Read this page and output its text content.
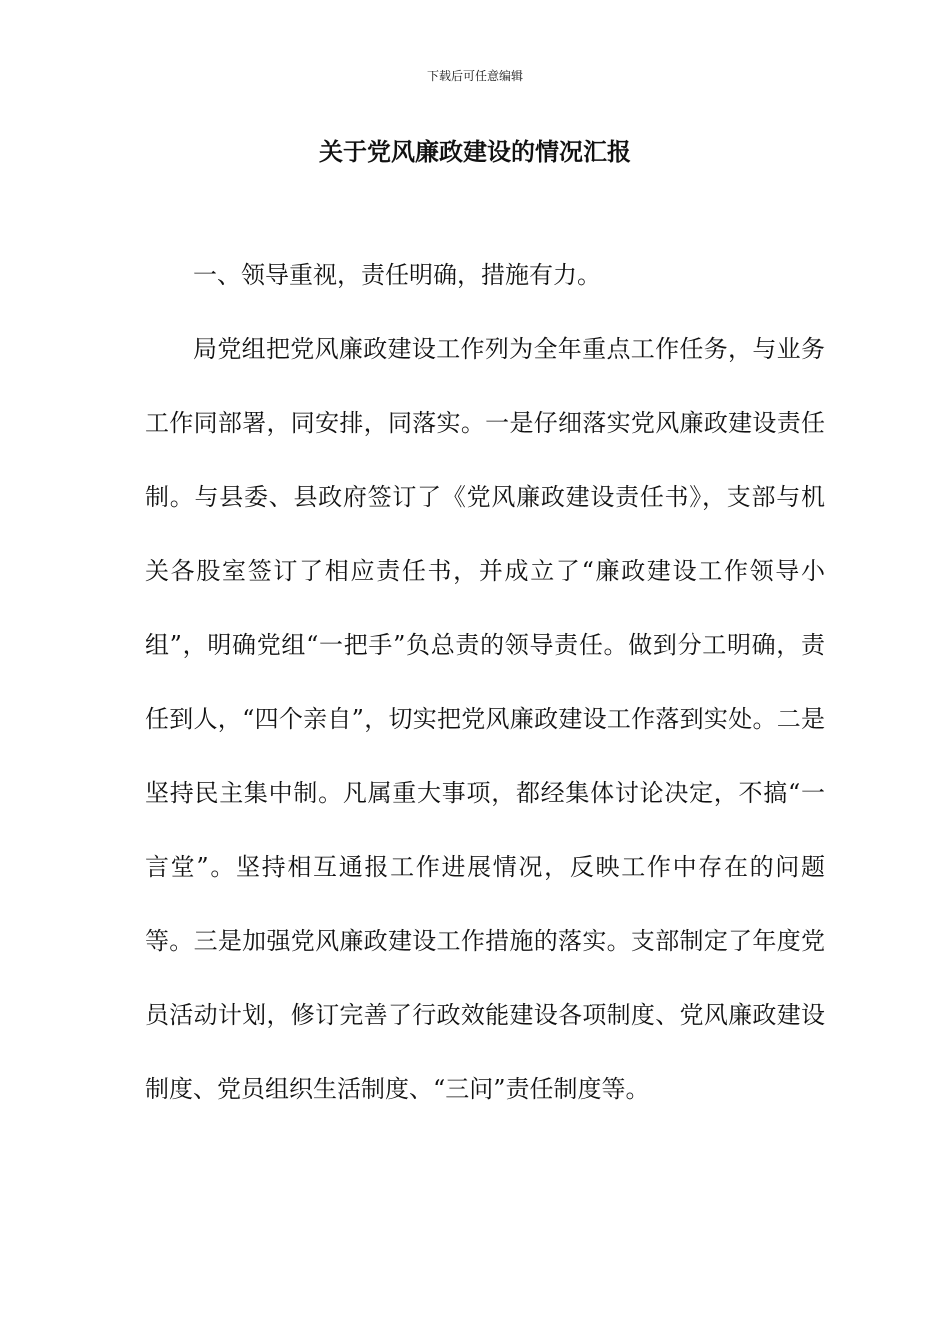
下载后可任意编辑
关于党风廉政建设的情况汇报

一、领导重视，责任明确，措施有力。

局党组把党风廉政建设工作列为全年重点工作任务，与业务工作同部署，同安排，同落实。一是仔细落实党风廉政建设责任制。与县委、县政府签订了《党风廉政建设责任书》，支部与机关各股室签订了相应责任书，并成立了“廉政建设工作领导小组”，明确党组“一把手”负总责的领导责任。做到分工明确，责任到人，“四个亲自”，切实把党风廉政建设工作落到实处。二是坚持民主集中制。凡属重大事项，都经集体讨论决定，不搞“一言堂”。坚持相互通报工作进展情况，反映工作中存在的问题等。三是加强党风廉政建设工作措施的落实。支部制定了年度党员活动计划，修订完善了行政效能建设各项制度、党风廉政建设制度、党员组织生活制度、“三问”责任制度等。
